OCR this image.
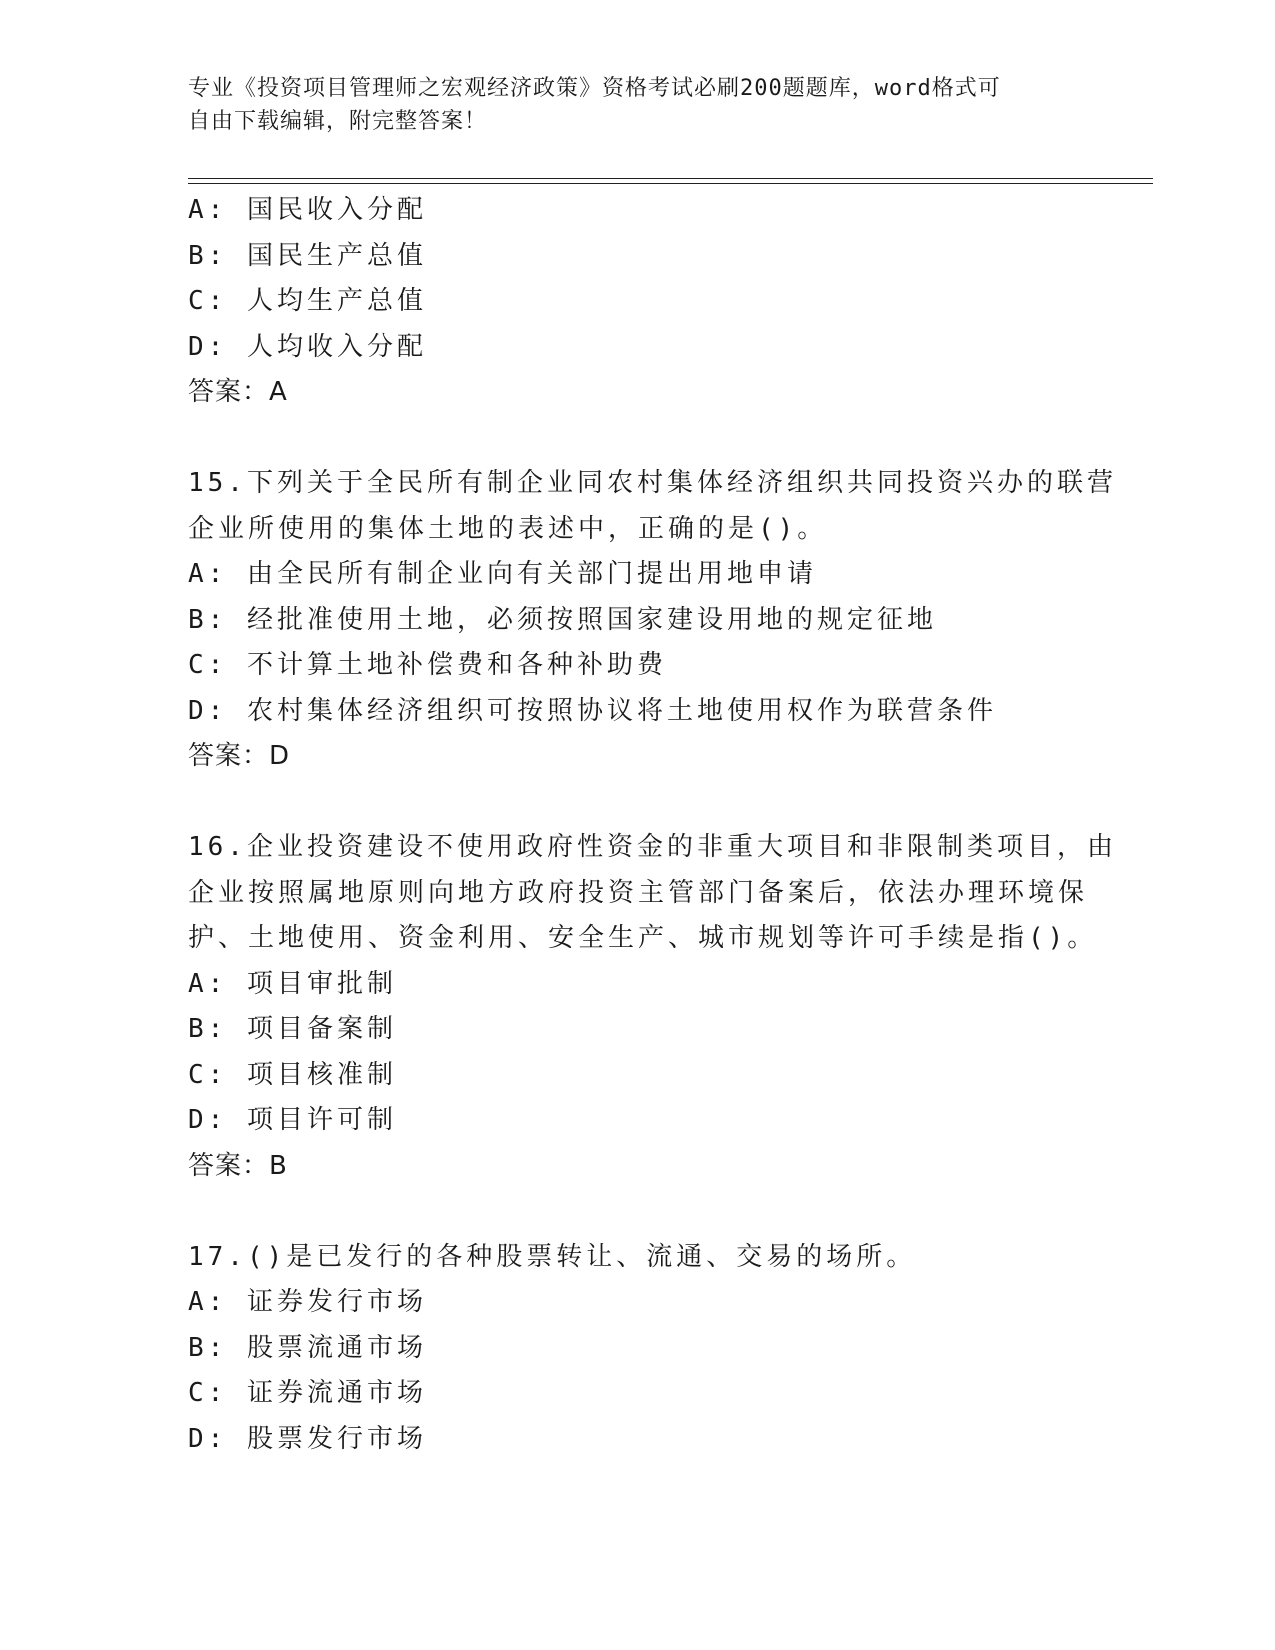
专业《投资项目管理师之宏观经济政策》资格考试必刷200题题库，word格式可
自由下载编辑，附完整答案！
A: 国民收入分配
B: 国民生产总值
C: 人均生产总值
D: 人均收入分配
答案：A
15.下列关于全民所有制企业同农村集体经济组织共同投资兴办的联营
企业所使用的集体土地的表述中，正确的是()。
A: 由全民所有制企业向有关部门提出用地申请
B: 经批准使用土地，必须按照国家建设用地的规定征地
C: 不计算土地补偿费和各种补助费
D: 农村集体经济组织可按照协议将土地使用权作为联营条件
答案：D
16.企业投资建设不使用政府性资金的非重大项目和非限制类项目，由
企业按照属地原则向地方政府投资主管部门备案后，依法办理环境保
护、土地使用、资金利用、安全生产、城市规划等许可手续是指()。
A: 项目审批制
B: 项目备案制
C: 项目核准制
D: 项目许可制
答案：B
17.()是已发行的各种股票转让、流通、交易的场所。
A: 证券发行市场
B: 股票流通市场
C: 证券流通市场
D: 股票发行市场
